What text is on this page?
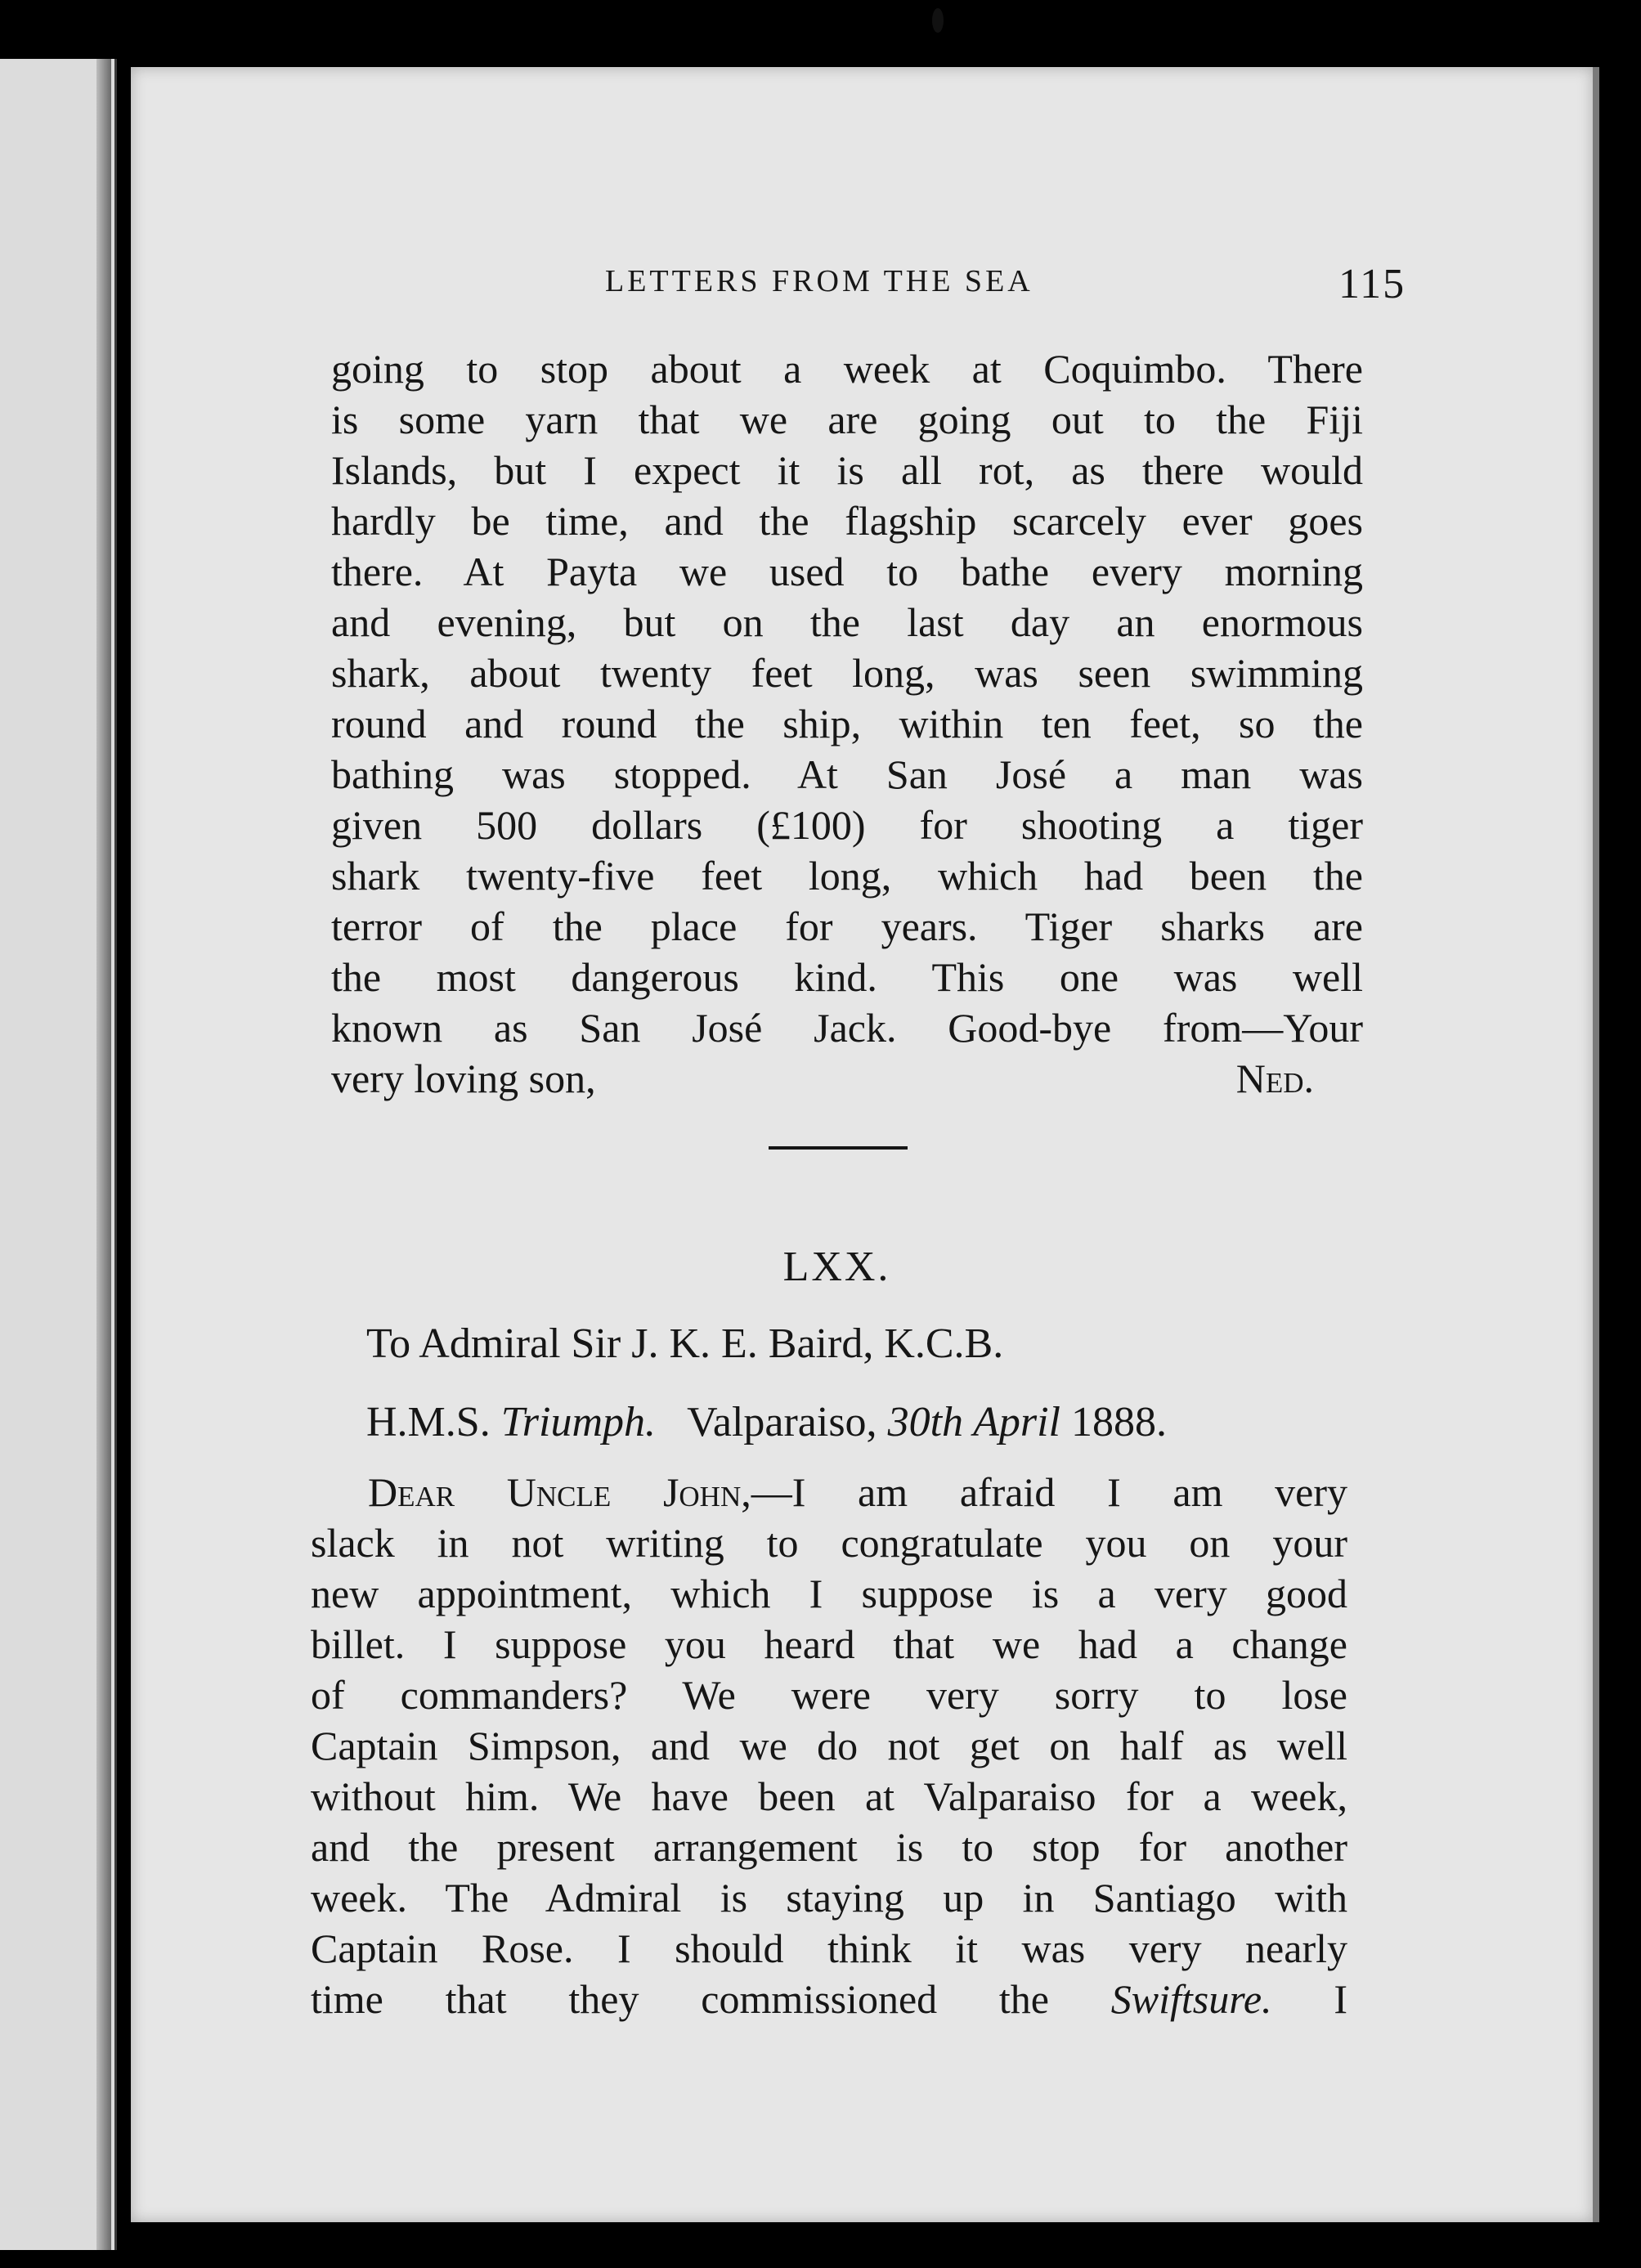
LETTERS FROM THE SEA	115
going to stop about a week at Coquimbo. There
is some yarn that we are going out to the Fiji
Islands, but I expect it is all rot, as there would
hardly be time, and the flagship scarcely ever goes
there. At Payta we used to bathe every morning
and evening, but on the last day an enormous
shark, about twenty feet long, was seen swimming
round and round the ship, within ten feet, so the
bathing was stopped. At San José a man was
given 500 dollars (£100) for shooting a tiger
shark twenty-five feet long, which had been the
terror of the place for years. Tiger sharks are
the most dangerous kind. This one was well
known as San José Jack. Good-bye from—Your
very loving son,	Ned.
LXX.
To Admiral Sir J. K. E. Baird, K.C.B.
H.M.S. Triumph. Valparaiso, 30th April 1888.
Dear Uncle John,—I am afraid I am very
slack in not writing to congratulate you on your
new appointment, which I suppose is a very good
billet. I suppose you heard that we had a change
of commanders? We were very sorry to lose
Captain Simpson, and we do not get on half as well
without him. We have been at Valparaiso for a week,
and the present arrangement is to stop for another
week. The Admiral is staying up in Santiago with
Captain Rose. I should think it was very nearly
time that they commissioned the Swiftsure. I
